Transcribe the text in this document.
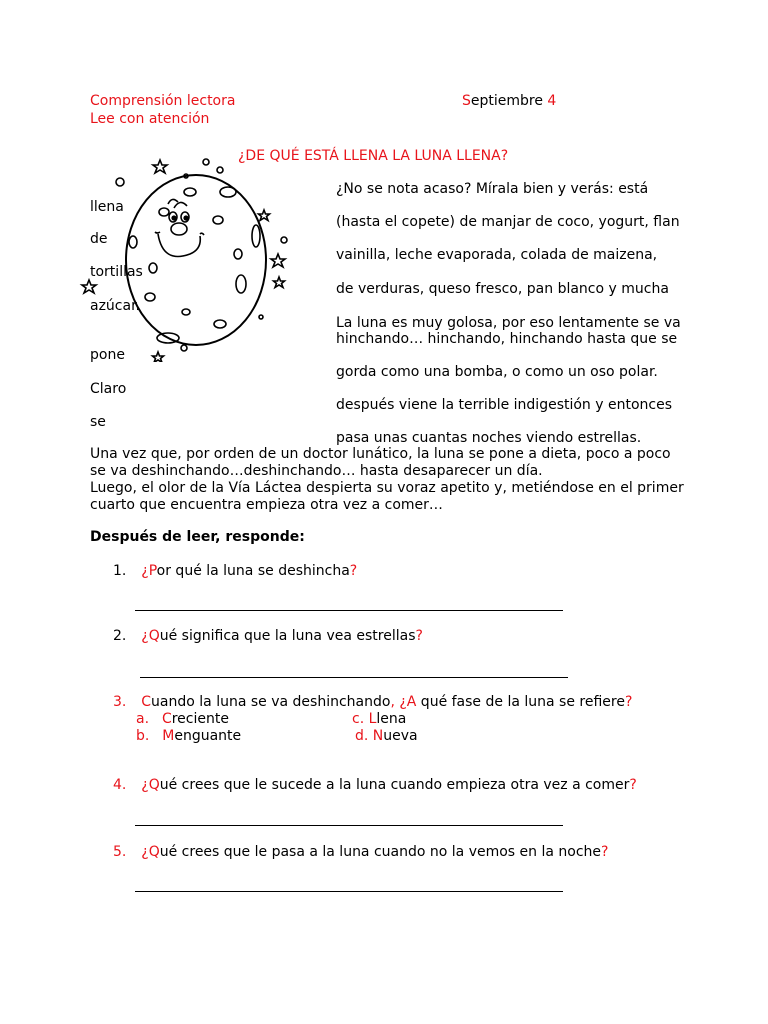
Comprensión lectora
Lee con atención
Septiembre 4
¿DE QUÉ ESTÁ LLENA LA LUNA LLENA?
llena
de
tortillas
azúcar.
pone
Claro
se
¿No se nota acaso? Mírala bien y verás: está
(hasta el copete) de manjar de coco, yogurt, flan
vainilla, leche evaporada, colada de maizena,
de verduras, queso fresco, pan blanco y mucha
La luna es muy golosa, por eso lentamente se va
hinchando… hinchando, hinchando hasta que se
gorda como una bomba, o como un oso polar.
después viene la terrible indigestión y entonces
pasa unas cuantas noches viendo estrellas.
Una vez que, por orden de un doctor lunático, la luna se pone a dieta, poco a poco
se va deshinchando…deshinchando… hasta desaparecer un día.
Luego, el olor de la Vía Láctea despierta su voraz apetito y, metiéndose en el primer
cuarto que encuentra empieza otra vez a comer…
Después de leer, responde:
1. ¿Por qué la luna se deshincha?
2. ¿Qué significa que la luna vea estrellas?
3. Cuando la luna se va deshinchando, ¿A qué fase de la luna se refiere?
a. Creciente
b. Menguante
c. Llena
d. Nueva
4. ¿Qué crees que le sucede a la luna cuando empieza otra vez a comer?
5. ¿Qué crees que le pasa a la luna cuando no la vemos en la noche?
